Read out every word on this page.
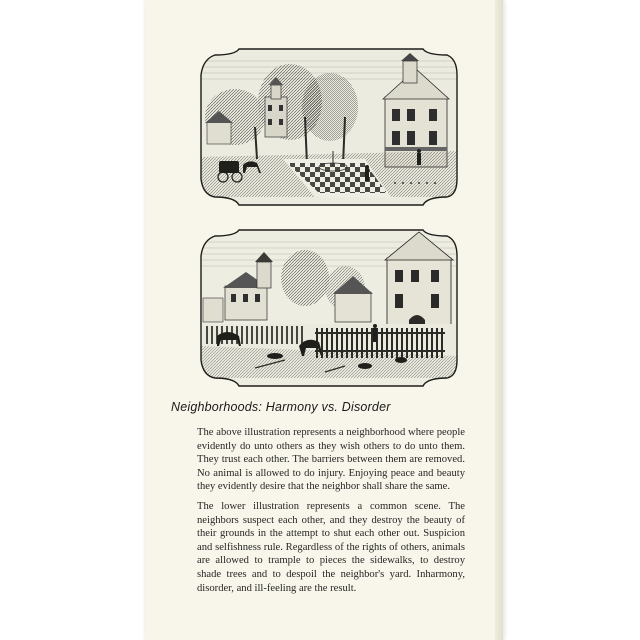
Neighborhoods: Harmony vs. Disorder
The above illustration represents a neighborhood where people evidently do unto others as they wish others to do unto them. They trust each other. The barriers between them are removed. No animal is allowed to do injury. Enjoying peace and beauty they evidently desire that the neighbor shall share the same.
The lower illustration represents a common scene. The neighbors suspect each other, and they destroy the beauty of their grounds in the attempt to shut each other out. Suspicion and selfishness rule. Regardless of the rights of others, animals are allowed to trample to pieces the sidewalks, to destroy shade trees and to despoil the neighbor's yard. Inharmony, disorder, and ill-feeling are the result.
